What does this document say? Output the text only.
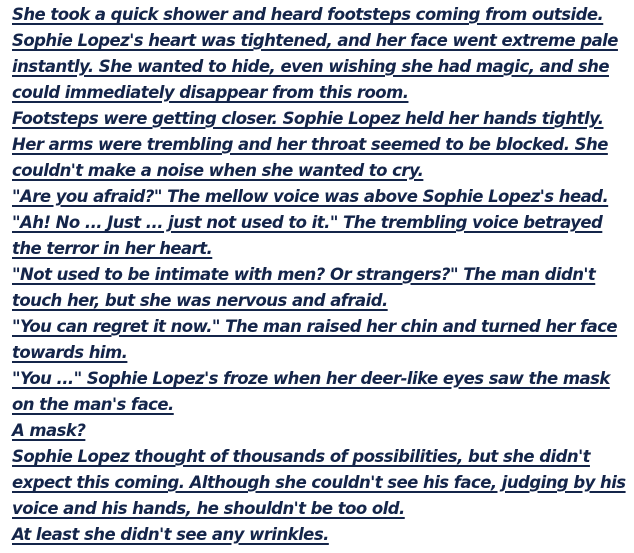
She took a quick shower and heard footsteps coming from outside.
Sophie Lopez's heart was tightened, and her face went extreme pale
instantly. She wanted to hide, even wishing she had magic, and she
could immediately disappear from this room.
Footsteps were getting closer. Sophie Lopez held her hands tightly.
Her arms were trembling and her throat seemed to be blocked. She
couldn't make a noise when she wanted to cry.
"Are you afraid?" The mellow voice was above Sophie Lopez's head.
"Ah! No ... Just ... just not used to it." The trembling voice betrayed
the terror in her heart.
"Not used to be intimate with men? Or strangers?" The man didn't
touch her, but she was nervous and afraid.
"You can regret it now." The man raised her chin and turned her face
towards him.
"You ..." Sophie Lopez's froze when her deer-like eyes saw the mask
on the man's face.
A mask?
Sophie Lopez thought of thousands of possibilities, but she didn't
expect this coming. Although she couldn't see his face, judging by his
voice and his hands, he shouldn't be too old.
At least she didn't see any wrinkles.
